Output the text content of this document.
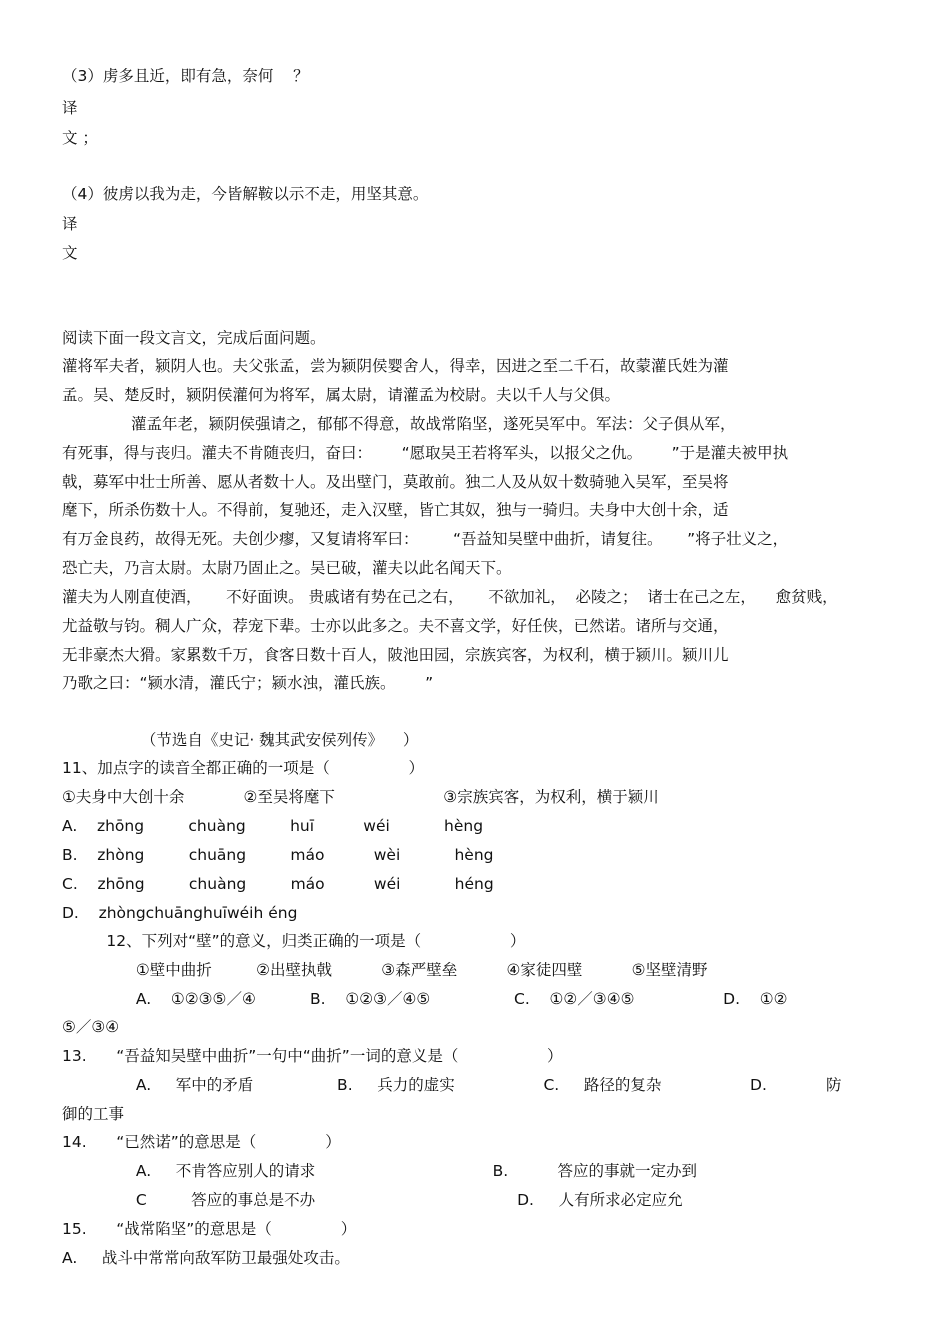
（3）虏多且近，即有急，奈何    ？
译
文 ；
（4）彼虏以我为走，今皆解鞍以示不走，用坚其意。
译
文
阅读下面一段文言文，完成后面问题。
灌将军夫者，颍阴人也。夫父张孟，尝为颍阴侯婴舍人，得幸，因进之至二千石，故蒙灌氏姓为灌
孟。吴、楚反时，颍阴侯灌何为将军，属太尉，请灌孟为校尉。夫以千人与父俱。
灌孟年老，颍阴侯强请之，郁郁不得意，故战常陷坚，遂死吴军中。军法：父子俱从军，
有死事，得与丧归。灌夫不肯随丧归，奋曰：      “愿取吴王若将军头，以报父之仇。      ”于是灌夫被甲执
戟，募军中壮士所善、愿从者数十人。及出壁门，莫敢前。独二人及从奴十数骑驰入吴军，至吴将
麾下，所杀伤数十人。不得前，复驰还，走入汉壁，皆亡其奴，独与一骑归。夫身中大创十余，适
有万金良药，故得无死。夫创少瘳，又复请将军曰：       “吾益知吴壁中曲折，请复往。     ”将子壮义之，
恐亡夫，乃言太尉。太尉乃固止之。吴已破，灌夫以此名闻天下。
灌夫为人刚直使酒，     不好面谀。 贵戚诸有势在己之右，     不欲加礼，  必陵之；  诸士在己之左，    愈贫贱，
尤益敬与钧。稠人广众，荐宠下辈。士亦以此多之。夫不喜文学，好任侠，已然诺。诸所与交通，
无非豪杰大猾。家累数千万，食客日数十百人，陂池田园，宗族宾客，为权利，横于颍川。颍川儿
乃歌之曰：“颍水清，灌氏宁；颍水浊，灌氏族。      ”
（节选自《史记· 魏其武安侯列传》    ）
11、加点字的读音全都正确的一项是（                ）
①夫身中大创十余            ②至吴将麾下                      ③宗族宾客，为权利，横于颍川
A.    zhōng         chuàng         huī          wéi           hèng
B.    zhòng         chuāng         máo          wèi           hèng
C.    zhōng         chuàng         máo          wéi           héng
D.    zhòngchuānghuīwéih éng
12、下列对“壁”的意义，归类正确的一项是（                  ）
①壁中曲折         ②出壁执戟          ③森严壁垒          ④家徒四壁          ⑤坚壁清野
A.    ①②③⑤／④           B.    ①②③／④⑤                 C.    ①②／③④⑤                  D.    ①②
⑤／③④
13.      “吾益知吴壁中曲折”一句中“曲折”一词的意义是（                  ）
A.     军中的矛盾                 B.     兵力的虚实                  C.     路径的复杂                  D.            防
御的工事
14.      “已然诺”的意思是（              ）
A.     不肯答应别人的请求                                    B.          答应的事就一定办到
C         答应的事总是不办                                         D.     人有所求必定应允
15.      “战常陷坚”的意思是（              ）
A.     战斗中常常向敌军防卫最强处攻击。
